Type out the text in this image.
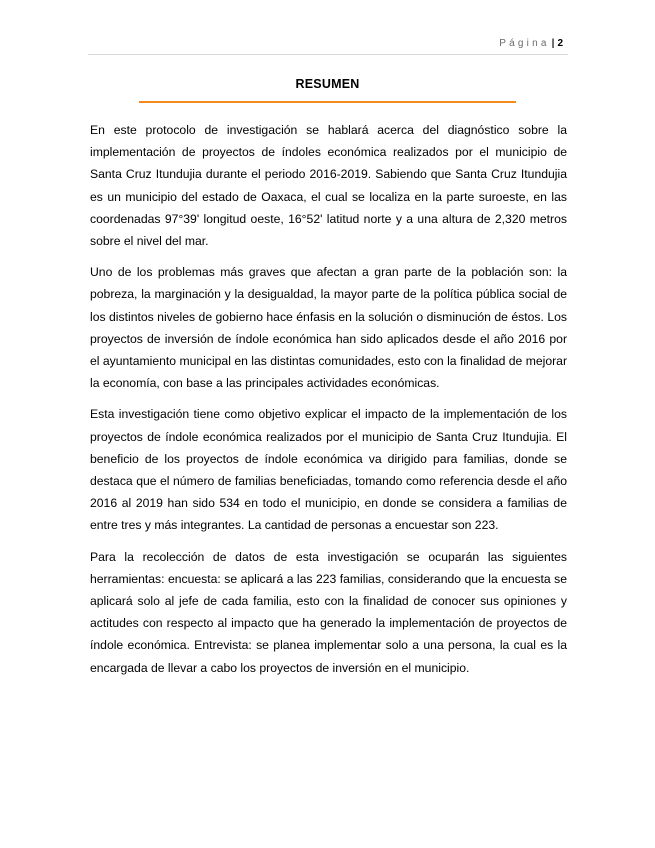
Página | 2
RESUMEN

En este protocolo de investigación se hablará acerca del diagnóstico sobre la implementación de proyectos de índoles económica realizados por el municipio de Santa Cruz Itundujia durante el periodo 2016-2019. Sabiendo que Santa Cruz Itundujia es un municipio del estado de Oaxaca, el cual se localiza en la parte suroeste, en las coordenadas 97°39' longitud oeste, 16°52' latitud norte y a una altura de 2,320 metros sobre el nivel del mar.

Uno de los problemas más graves que afectan a gran parte de la población son: la pobreza, la marginación y la desigualdad, la mayor parte de la política pública social de los distintos niveles de gobierno hace énfasis en la solución o disminución de éstos. Los proyectos de inversión de índole económica han sido aplicados desde el año 2016 por el ayuntamiento municipal en las distintas comunidades, esto con la finalidad de mejorar la economía, con base a las principales actividades económicas.

Esta investigación tiene como objetivo explicar el impacto de la implementación de los proyectos de índole económica realizados por el municipio de Santa Cruz Itundujia. El beneficio de los proyectos de índole económica va dirigido para familias, donde se destaca que el número de familias beneficiadas, tomando como referencia desde el año 2016 al 2019 han sido 534 en todo el municipio, en donde se considera a familias de entre tres y más integrantes. La cantidad de personas a encuestar son 223.

Para la recolección de datos de esta investigación se ocuparán las siguientes herramientas: encuesta: se aplicará a las 223 familias, considerando que la encuesta se aplicará solo al jefe de cada familia, esto con la finalidad de conocer sus opiniones y actitudes con respecto al impacto que ha generado la implementación de proyectos de índole económica. Entrevista: se planea implementar solo a una persona, la cual es la encargada de llevar a cabo los proyectos de inversión en el municipio.
